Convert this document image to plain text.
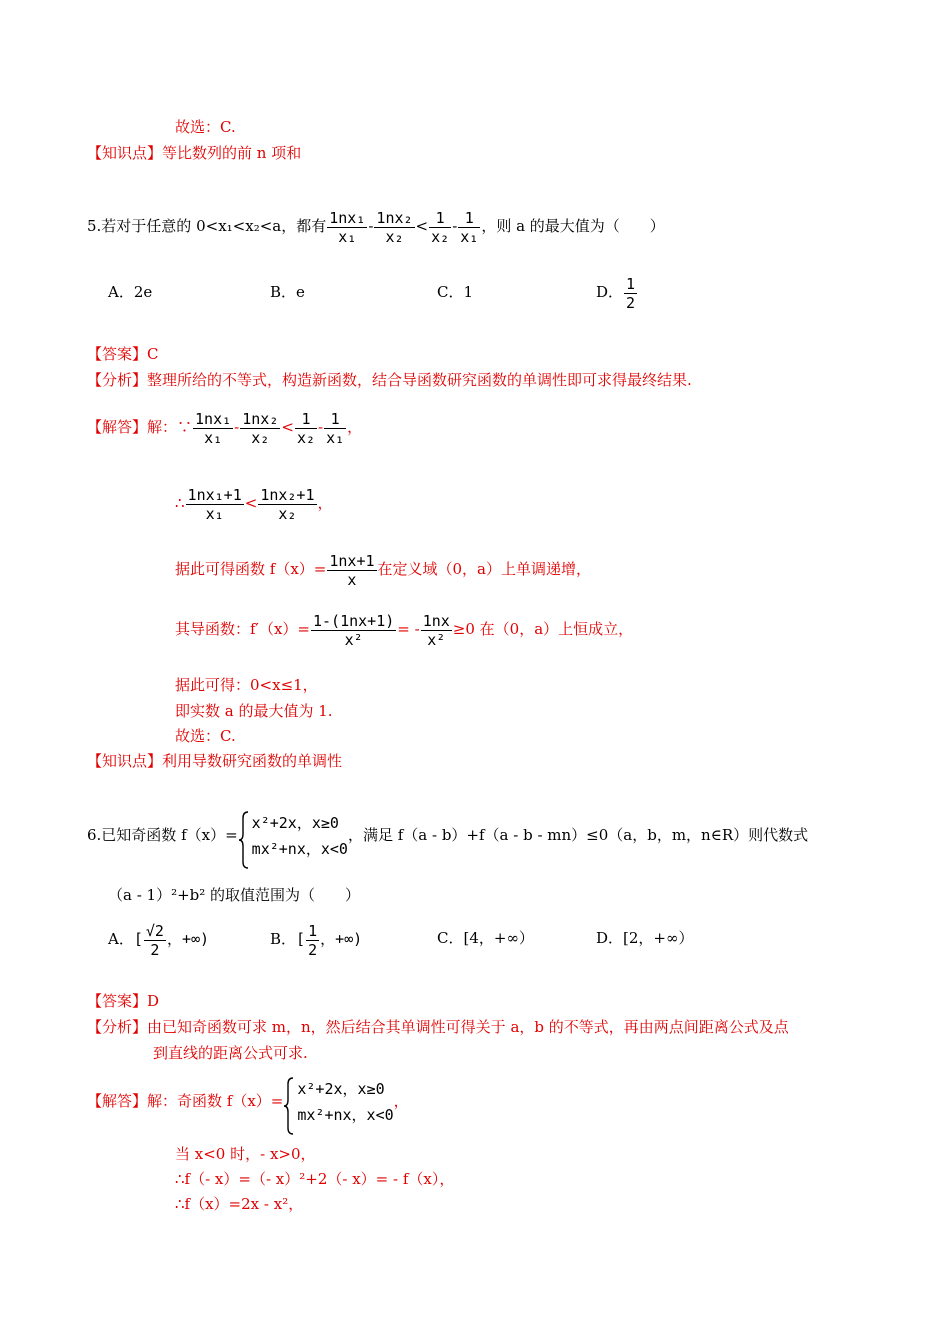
故选：C.
【知识点】等比数列的前 n 项和
5.若对于任意的 0<x₁<x₂<a，都有 $\frac{\text{1nx₁}}{\text{x₁}} - \frac{\text{1nx₂}}{\text{x₂}} < \frac{1}{\text{x₂}} - \frac{1}{\text{x₁}}$ ，则 a 的最大值为（　　）
A．2e	B．e	C．1	D． $\frac{1}{2}$
【答案】C
【分析】整理所给的不等式，构造新函数，结合导函数研究函数的单调性即可求得最终结果.
【解答】解：∵ $\frac{\text{1nx₁}}{\text{x₁}} - \frac{\text{1nx₂}}{\text{x₂}} < \frac{1}{\text{x₂}} - \frac{1}{\text{x₁}}$ ，
∴ $\frac{\text{1nx₁+1}}{\text{x₁}} < \frac{\text{1nx₂+1}}{\text{x₂}}$ ，
据此可得函数 $f(x)= \frac{1nx+1}{x}$ 在定义域（0，a）上单调递增，
其导函数：$f'(x)= \frac{1-(1nx+1)}{\text{x²}}$ = - $\frac{1nx}{\text{x²}} \ge 0$ 在（0，a）上恒成立，
据此可得：0<x≤1，
即实数 a 的最大值为 1.
故选：C.
【知识点】利用导数研究函数的单调性
6.已知奇函数 f（x）=
x²+2x，x≥0
mx²+nx，x<0
，满足 f（a - b）+f（a - b - mn）≤0（a，b，m，n∈R）则代数式
（a - 1）²+b² 的取值范围为（　　）
A．[ $\frac{√2}{2}$ ，+∞)	B．[ $\frac{1}{2}$ ，+∞)	C．[4，+∞）	D．[2，+∞）
【答案】D
【分析】由已知奇函数可求 m，n，然后结合其单调性可得关于 a，b 的不等式，再由两点间距离公式及点
到直线的距离公式可求.
【解答】解：奇函数 f（x）=
x²+2x，x≥0
mx²+nx，x<0
，
当 x<0 时，- x>0，
∴f（- x）=（- x）²+2（- x）= - f（x），
∴f（x）=2x - x²，
